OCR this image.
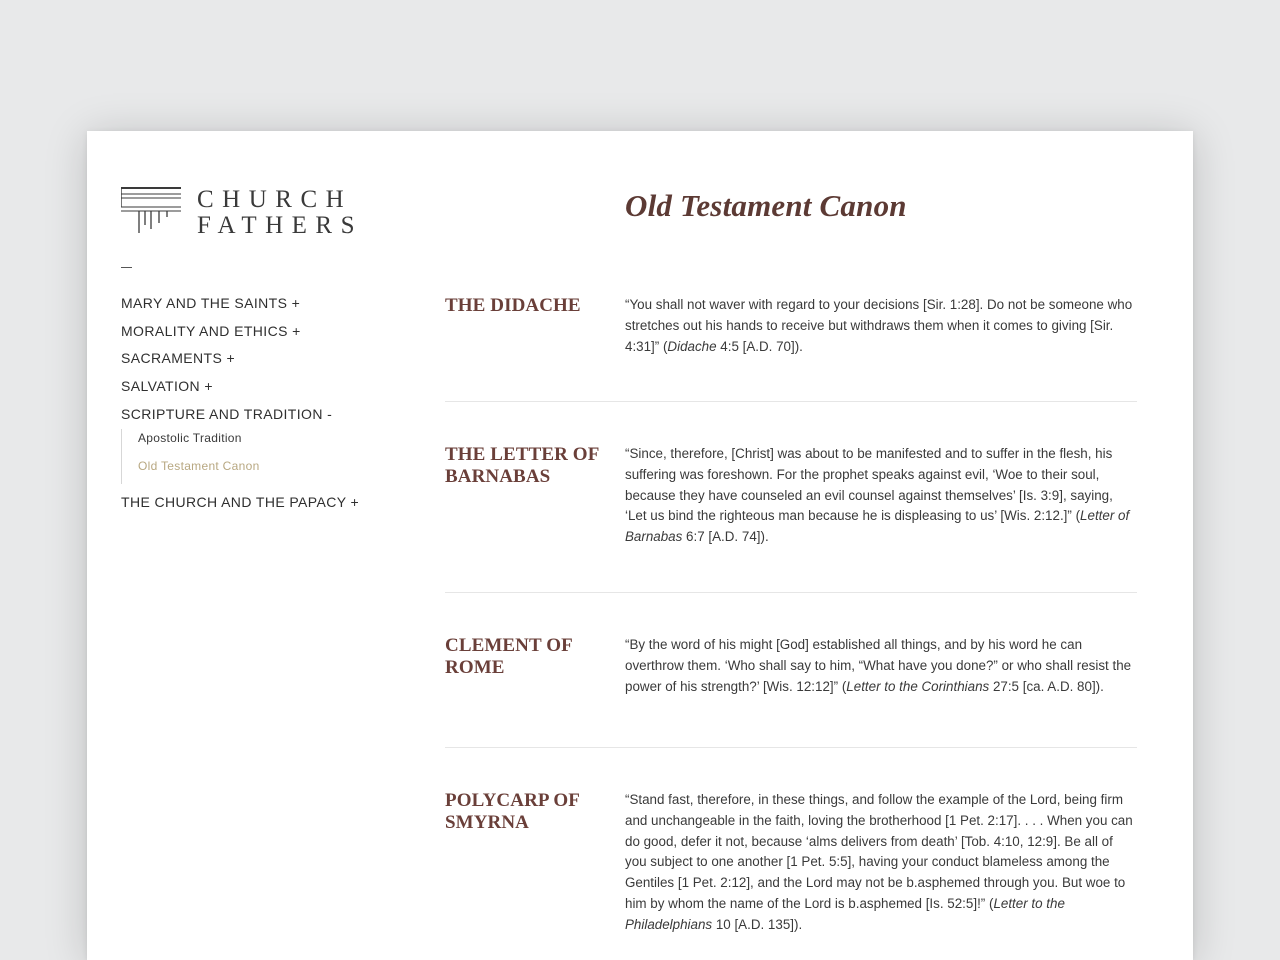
CHURCH
FATHERS
MARY AND THE SAINTS +
MORALITY AND ETHICS +
SACRAMENTS +
SALVATION +
SCRIPTURE AND TRADITION -
Apostolic Tradition
Old Testament Canon
THE CHURCH AND THE PAPACY +
Old Testament Canon
THE DIDACHE	“You shall not waver with regard to your decisions [Sir. 1:28]. Do not be someone who stretches out his hands to receive but withdraws them when it comes to giving [Sir. 4:31]” (Didache 4:5 [A.D. 70]).

THE LETTER OF BARNABAS

“Since, therefore, [Christ] was about to be manifested and to suffer in the flesh, his suffering was foreshown. For the prophet speaks against evil, ‘Woe to their soul, because they have counseled an evil counsel against themselves’ [Is. 3:9], saying, ‘Let us bind the righteous man because he is displeasing to us’ [Wis. 2:12.]” (Letter of Barnabas 6:7 [A.D. 74]).

CLEMENT OF ROME

“By the word of his might [God] established all things, and by his word he can overthrow them. ‘Who shall say to him, “What have you done?” or who shall resist the power of his strength?’ [Wis. 12:12]” (Letter to the Corinthians 27:5 [ca. A.D. 80]).

POLYCARP OF SMYRNA

“Stand fast, therefore, in these things, and follow the example of the Lord, being firm and unchangeable in the faith, loving the brotherhood [1 Pet. 2:17]. . . . When you can do good, defer it not, because ‘alms delivers from death’ [Tob. 4:10, 12:9]. Be all of you subject to one another [1 Pet. 5:5], having your conduct blameless among the Gentiles [1 Pet. 2:12], and the Lord may not be b.asphemed through you. But woe to him by whom the name of the Lord is b.asphemed [Is. 52:5]!” (Letter to the Philadelphians 10 [A.D. 135]).
